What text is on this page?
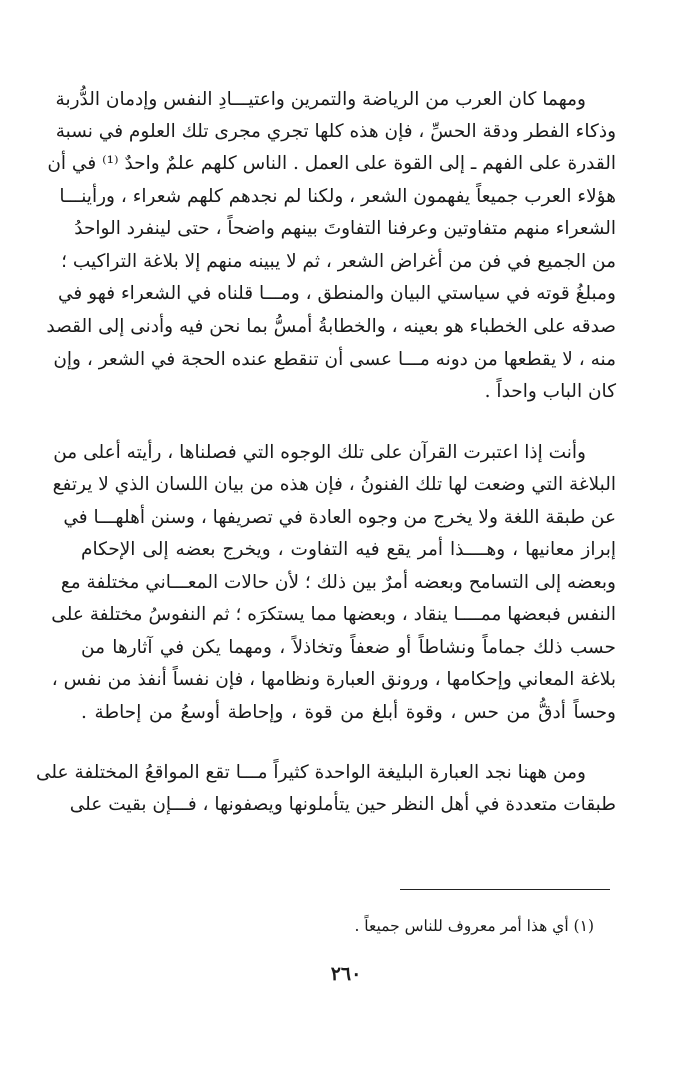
ومهما كان العرب من الرياضة والتمرين واعتيـــادِ النفس وإدمان الدُّربة
وذكاء الفطر ودقة الحسِّ ، فإن هذه كلها تجري مجرى تلك العلوم في نسبة
القدرة على الفهم ـ إلى القوة على العمل . الناس كلهم علمٌ واحدٌ ⁽¹⁾ في أن
هؤلاء العرب جميعاً يفهمون الشعر ، ولكنا لم نجدهم كلهم شعراء ، ورأينـــا
الشعراء منهم متفاوتين وعرفنا التفاوتَ بينهم واضحاً ، حتى لينفرد الواحدُ
من الجميع في فن من أغراض الشعر ، ثم لا يبينه منهم إلا بلاغة التراكيب ؛
ومبلغُ قوته في سياستي البيان والمنطق ، ومـــا قلناه في الشعراء فهو في
صدقه على الخطباء هو بعينه ، والخطابةُ أمسُّ بما نحن فيه وأدنى إلى القصد
منه ، لا يقطعها من دونه مـــا عسى أن تنقطع عنده الحجة في الشعر ، وإن
كان الباب واحداً .
وأنت إذا اعتبرت القرآن على تلك الوجوه التي فصلناها ، رأيته أعلى من
البلاغة التي وضعت لها تلك الفنونُ ، فإن هذه من بيان اللسان الذي لا يرتفع
عن طبقة اللغة ولا يخرج من وجوه العادة في تصريفها ، وسنن أهلهـــا في
إبراز معانيها ، وهــــذا أمر يقع فيه التفاوت ، ويخرج بعضه إلى الإحكام
وبعضه إلى التسامح وبعضه أمرٌ بين ذلك ؛ لأن حالات المعـــاني مختلفة مع
النفس فبعضها ممــــا ينقاد ، وبعضها مما يستكرَه ؛ ثم النفوسُ مختلفة على
حسب ذلك جماماً ونشاطاً أو ضعفاً وتخاذلاً ، ومهما يكن في آثارها من
بلاغة المعاني وإحكامها ، ورونق العبارة ونظامها ، فإن نفساً أنفذ من نفس ،
وحساً أدقُّ من حس ، وقوة أبلغ من قوة ، وإحاطة أوسعُ من إحاطة .
ومن ههنا نجد العبارة البليغة الواحدة كثيراً مـــا تقع المواقعُ المختلفة على
طبقات متعددة في أهل النظر حين يتأملونها ويصفونها ، فـــإن بقيت على
(١) أي هذا أمر معروف للناس جميعاً .
٢٦٠
